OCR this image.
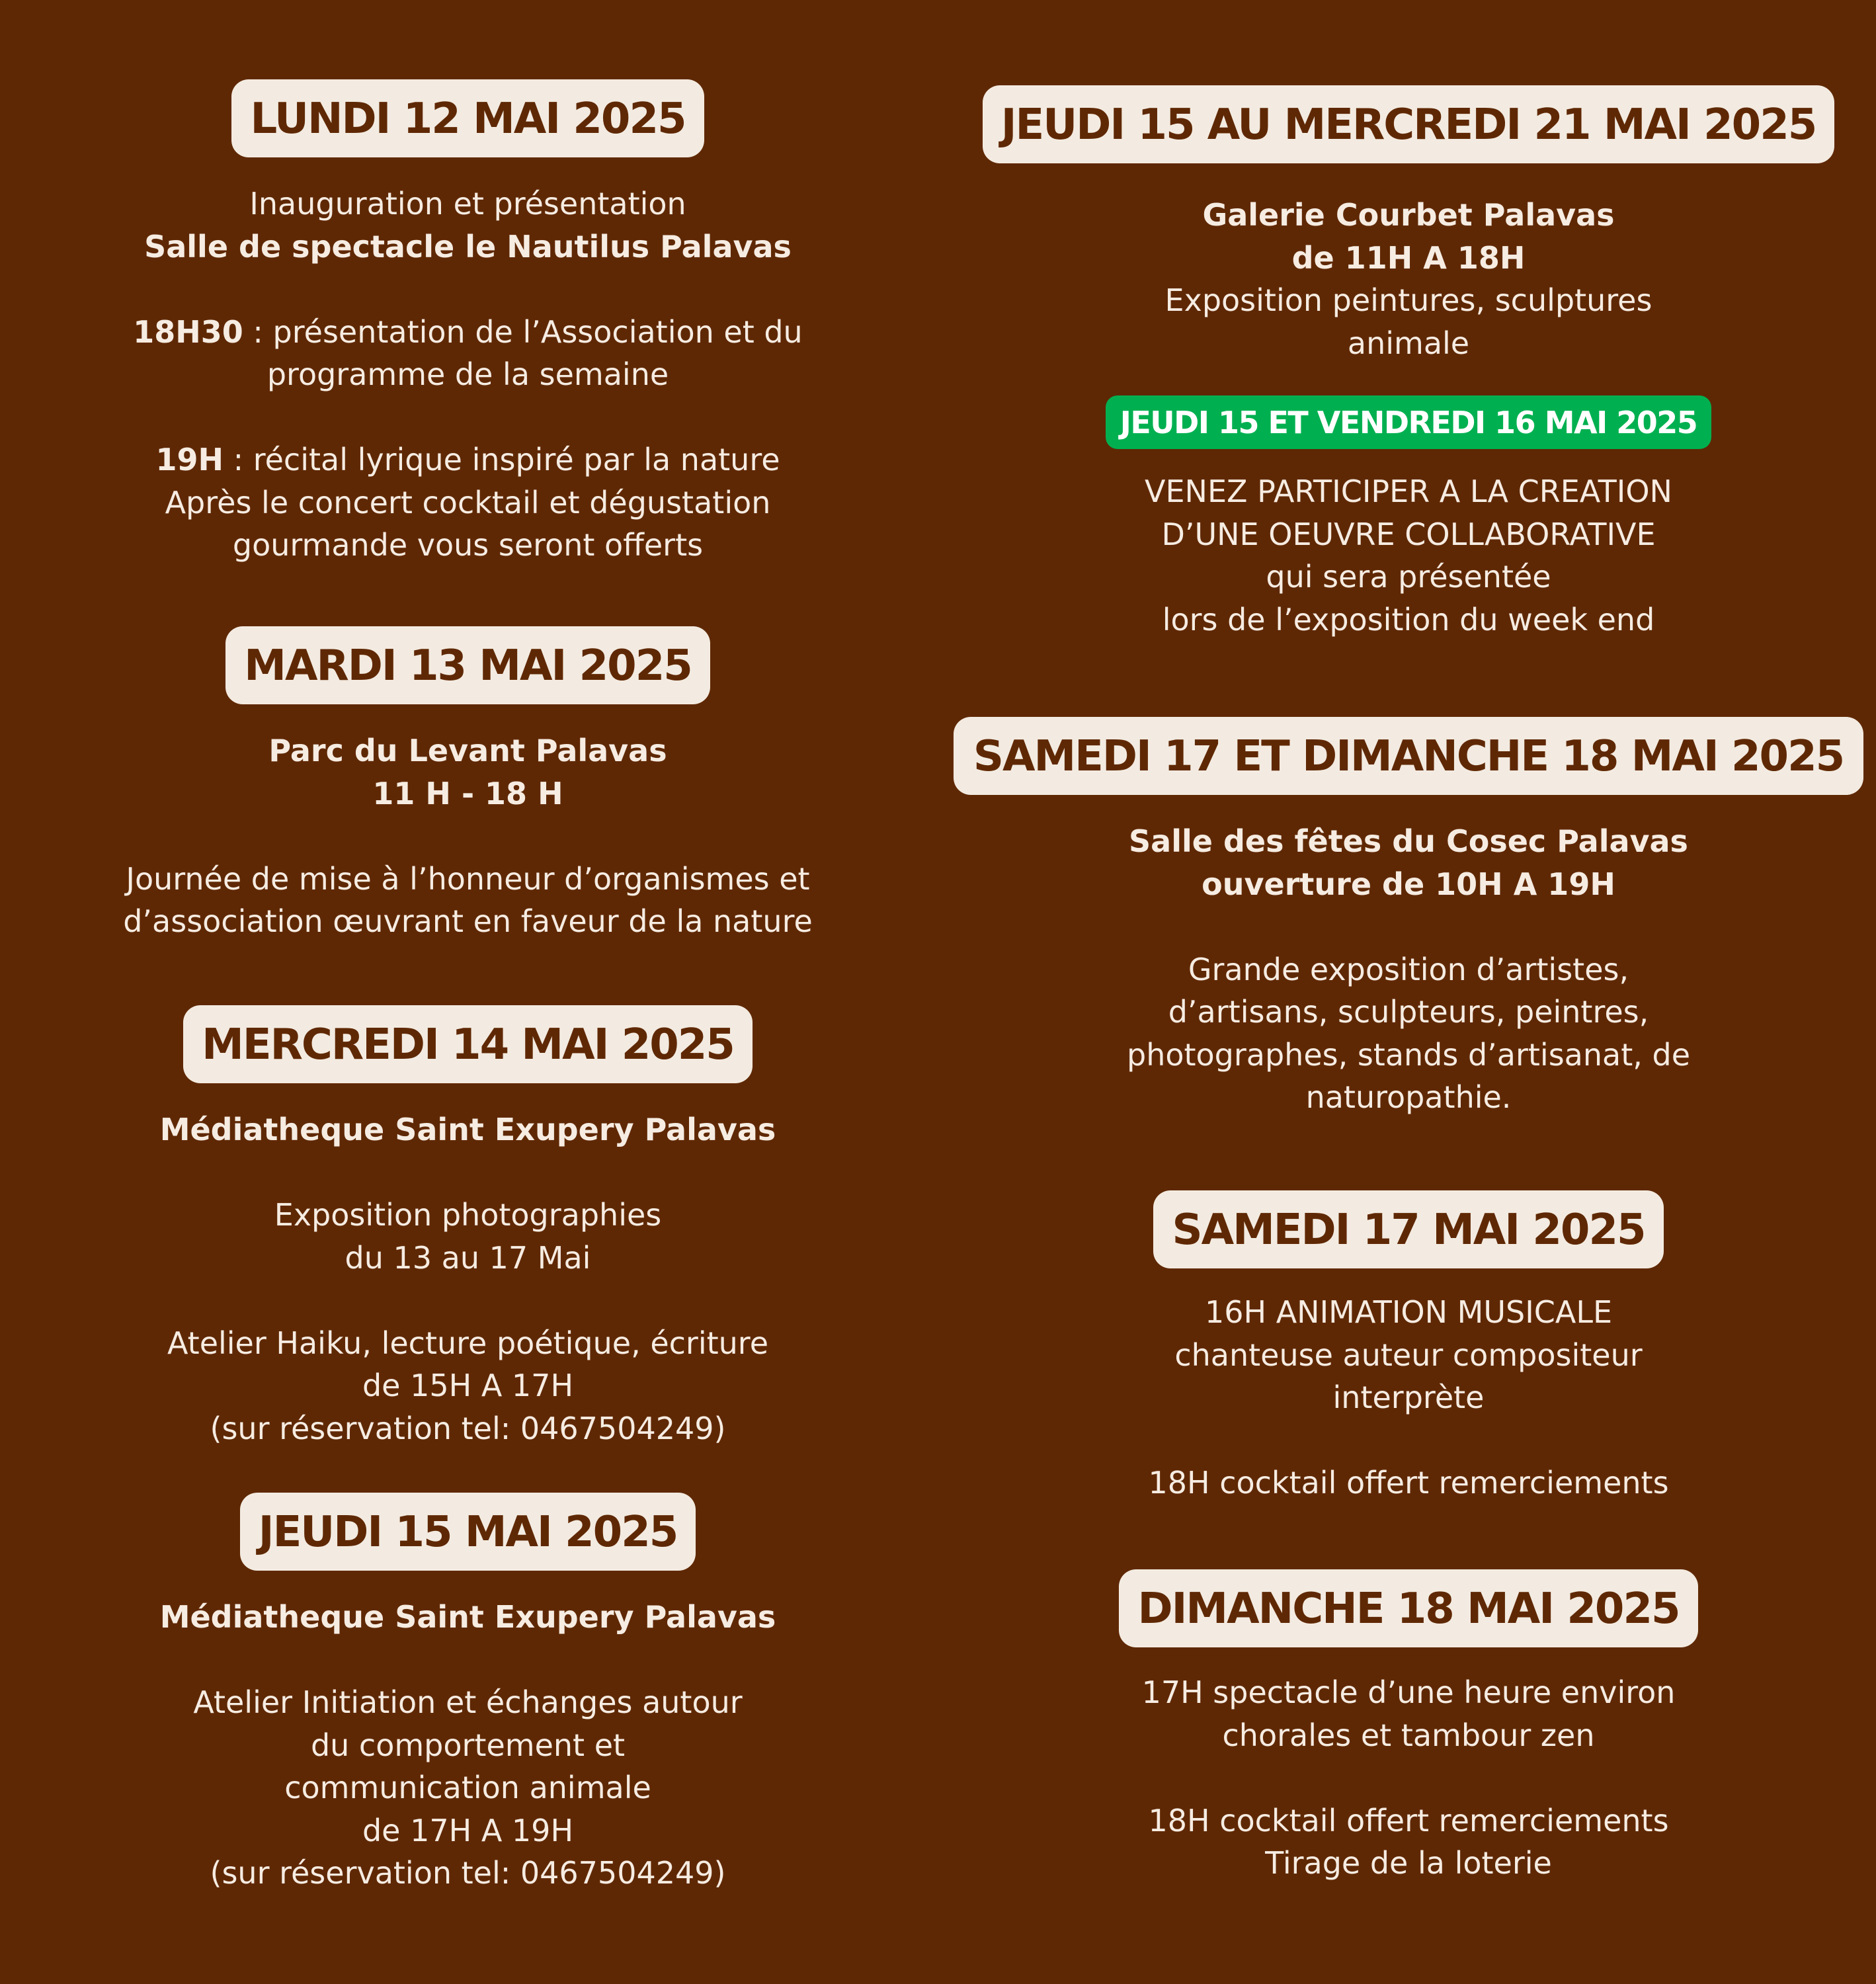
LUNDI 12 MAI 2025
Inauguration et présentation
Salle de spectacle le Nautilus Palavas
18H30 : présentation de l’Association et du
programme de la semaine
19H : récital lyrique inspiré par la nature
Après le concert cocktail et dégustation
gourmande vous seront offerts
MARDI 13 MAI 2025
Parc du Levant Palavas
11 H - 18 H
Journée de mise à l’honneur d’organismes et
d’association œuvrant en faveur de la nature
MERCREDI 14 MAI 2025
Médiatheque Saint Exupery Palavas
Exposition photographies
du 13 au 17 Mai
Atelier Haiku, lecture poétique, écriture
de 15H A 17H
(sur réservation tel: 0467504249)
JEUDI 15 MAI 2025
Médiatheque Saint Exupery Palavas
Atelier Initiation et échanges autour
du comportement et
communication animale
de 17H A 19H
(sur réservation tel: 0467504249)
JEUDI 15 AU MERCREDI 21 MAI 2025
Galerie Courbet Palavas
de 11H A 18H
Exposition peintures, sculptures
animale
JEUDI 15 ET VENDREDI 16 MAI 2025
VENEZ PARTICIPER A LA CREATION
D’UNE OEUVRE COLLABORATIVE
qui sera présentée
lors de l’exposition du week end
SAMEDI 17 ET DIMANCHE 18 MAI 2025
Salle des fêtes du Cosec Palavas
ouverture de 10H A 19H
Grande exposition d’artistes,
d’artisans, sculpteurs, peintres,
photographes, stands d’artisanat, de
naturopathie.
SAMEDI 17 MAI 2025
16H ANIMATION MUSICALE
chanteuse auteur compositeur
interprète
18H cocktail offert remerciements
DIMANCHE 18 MAI 2025
17H spectacle d’une heure environ
chorales et tambour zen
18H cocktail offert remerciements
Tirage de la loterie
